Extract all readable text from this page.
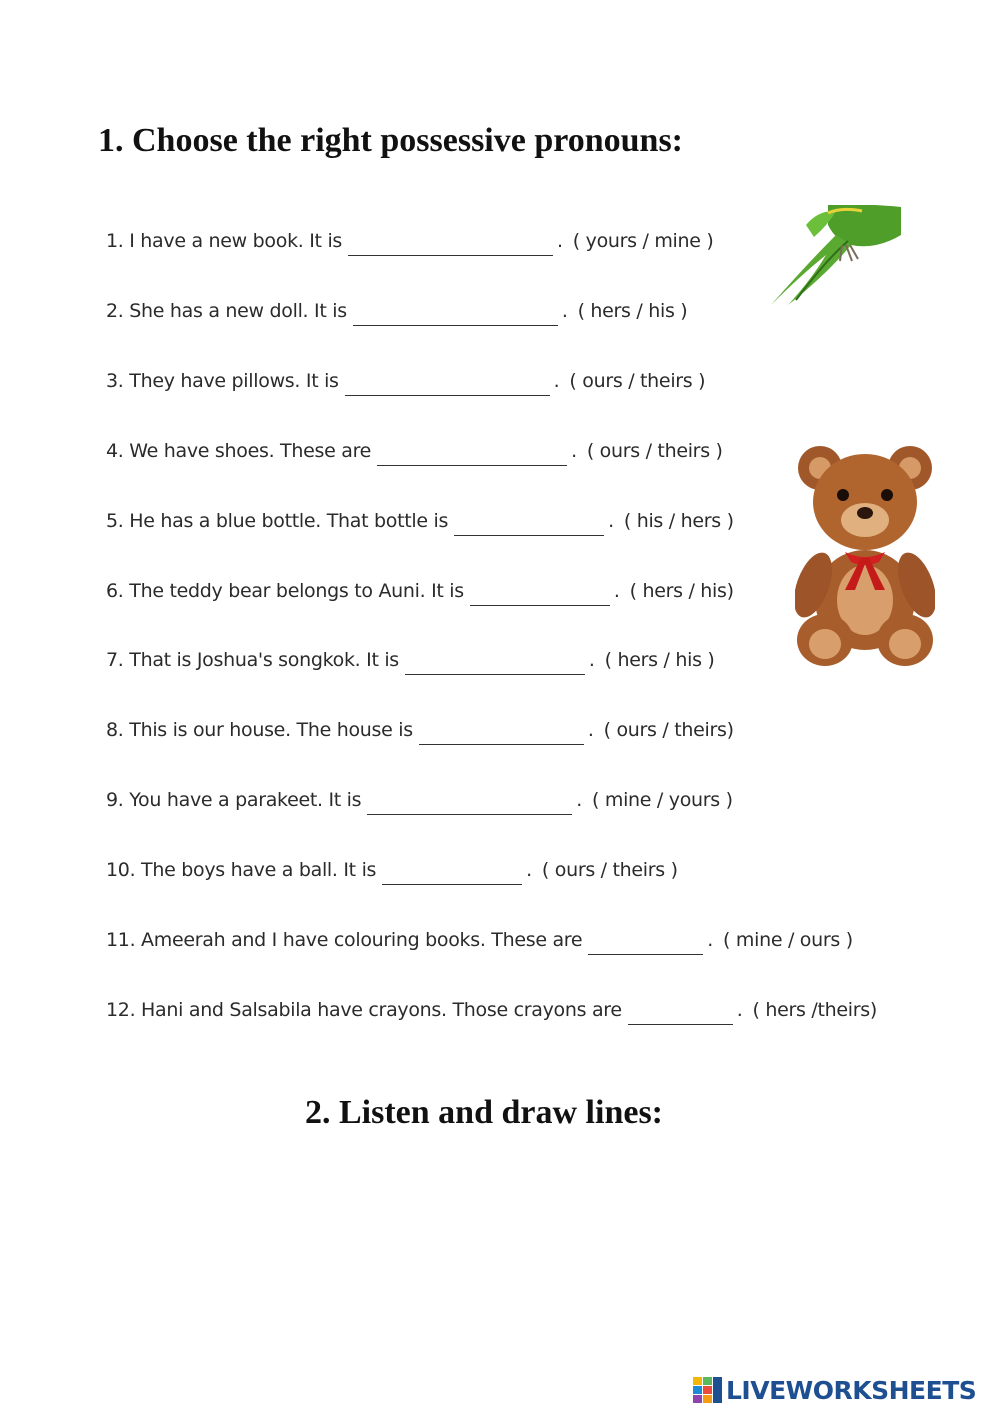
1. Choose the right possessive pronouns:
1. I have a new book. It is	. ( yours / mine )
2. She has a new doll. It is	. ( hers / his )
3. They have pillows. It is	. ( ours / theirs )
4. We have shoes. These are	. ( ours / theirs )
5. He has a blue bottle. That bottle is	. ( his / hers )
6. The teddy bear belongs to Auni. It is	. ( hers / his)
7. That is Joshua's songkok. It is	. ( hers / his )
8. This is our house. The house is	. ( ours / theirs)
9. You have a parakeet. It is	. ( mine / yours )
10. The boys have a ball. It is	. ( ours / theirs )
11. Ameerah and I have colouring books. These are	. ( mine / ours )
12. Hani and Salsabila have crayons. Those crayons are	. ( hers /theirs)
2. Listen and draw lines:
LIVEWORKSHEETS
